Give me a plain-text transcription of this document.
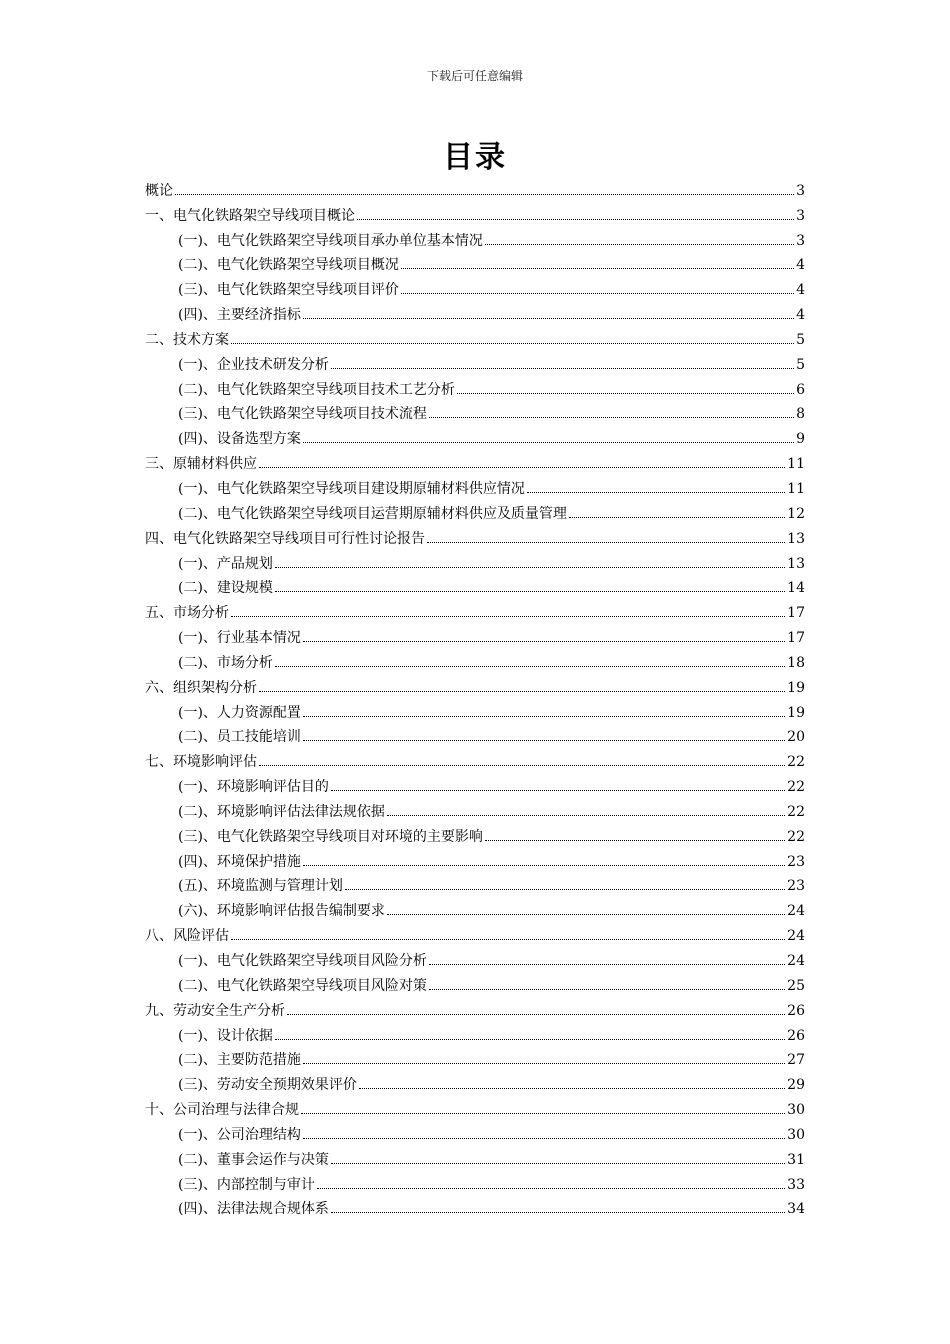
下载后可任意编辑
目录
概论	3
一、电气化铁路架空导线项目概论	3
(一)、电气化铁路架空导线项目承办单位基本情况	3
(二)、电气化铁路架空导线项目概况	4
(三)、电气化铁路架空导线项目评价	4
(四)、主要经济指标	4
二、技术方案	5
(一)、企业技术研发分析	5
(二)、电气化铁路架空导线项目技术工艺分析	6
(三)、电气化铁路架空导线项目技术流程	8
(四)、设备选型方案	9
三、原辅材料供应	11
(一)、电气化铁路架空导线项目建设期原辅材料供应情况	11
(二)、电气化铁路架空导线项目运营期原辅材料供应及质量管理	12
四、电气化铁路架空导线项目可行性讨论报告	13
(一)、产品规划	13
(二)、建设规模	14
五、市场分析	17
(一)、行业基本情况	17
(二)、市场分析	18
六、组织架构分析	19
(一)、人力资源配置	19
(二)、员工技能培训	20
七、环境影响评估	22
(一)、环境影响评估目的	22
(二)、环境影响评估法律法规依据	22
(三)、电气化铁路架空导线项目对环境的主要影响	22
(四)、环境保护措施	23
(五)、环境监测与管理计划	23
(六)、环境影响评估报告编制要求	24
八、风险评估	24
(一)、电气化铁路架空导线项目风险分析	24
(二)、电气化铁路架空导线项目风险对策	25
九、劳动安全生产分析	26
(一)、设计依据	26
(二)、主要防范措施	27
(三)、劳动安全预期效果评价	29
十、公司治理与法律合规	30
(一)、公司治理结构	30
(二)、董事会运作与决策	31
(三)、内部控制与审计	33
(四)、法律法规合规体系	34
